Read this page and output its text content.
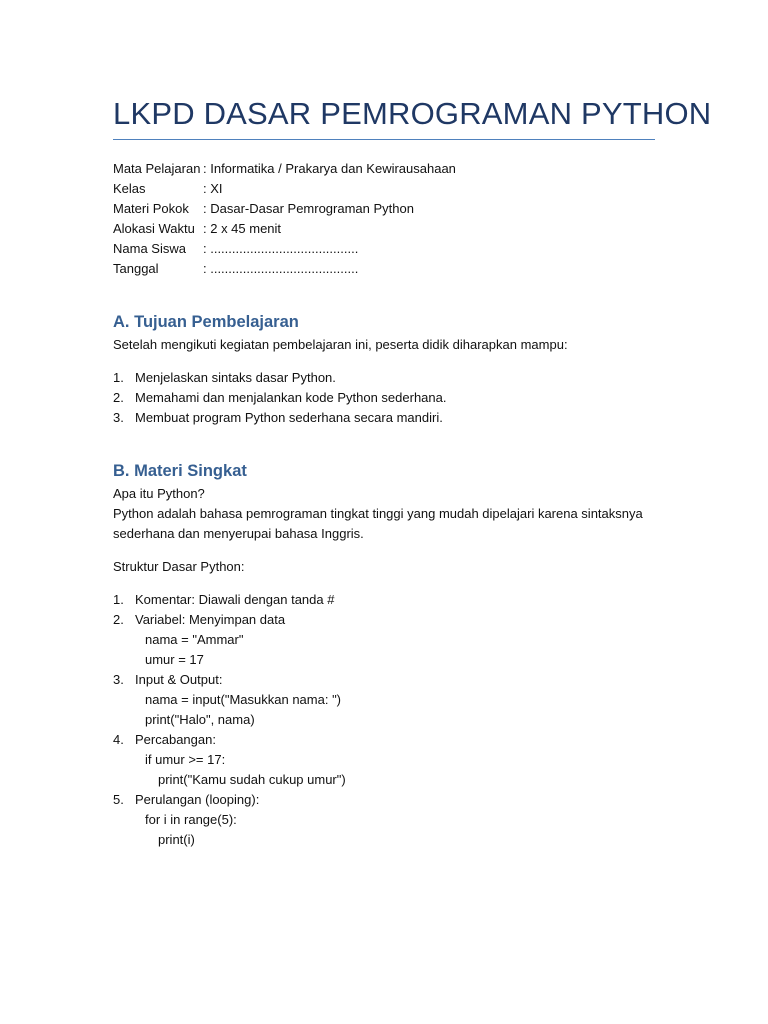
LKPD DASAR PEMROGRAMAN PYTHON
Mata Pelajaran : Informatika / Prakarya dan Kewirausahaan
Kelas	: XI
Materi Pokok : Dasar-Dasar Pemrograman Python
Alokasi Waktu : 2 x 45 menit
Nama Siswa : .........................................
Tanggal	: .........................................
A. Tujuan Pembelajaran
Setelah mengikuti kegiatan pembelajaran ini, peserta didik diharapkan mampu:
1. Menjelaskan sintaks dasar Python.
2. Memahami dan menjalankan kode Python sederhana.
3. Membuat program Python sederhana secara mandiri.
B. Materi Singkat
Apa itu Python?
Python adalah bahasa pemrograman tingkat tinggi yang mudah dipelajari karena sintaksnya
sederhana dan menyerupai bahasa Inggris.
Struktur Dasar Python:
1. Komentar: Diawali dengan tanda #
2. Variabel: Menyimpan data
nama = "Ammar"
umur = 17
3. Input & Output:
nama = input("Masukkan nama: ")
print("Halo", nama)
4. Percabangan:
if umur >= 17:
print("Kamu sudah cukup umur")
5. Perulangan (looping):
for i in range(5):
print(i)
